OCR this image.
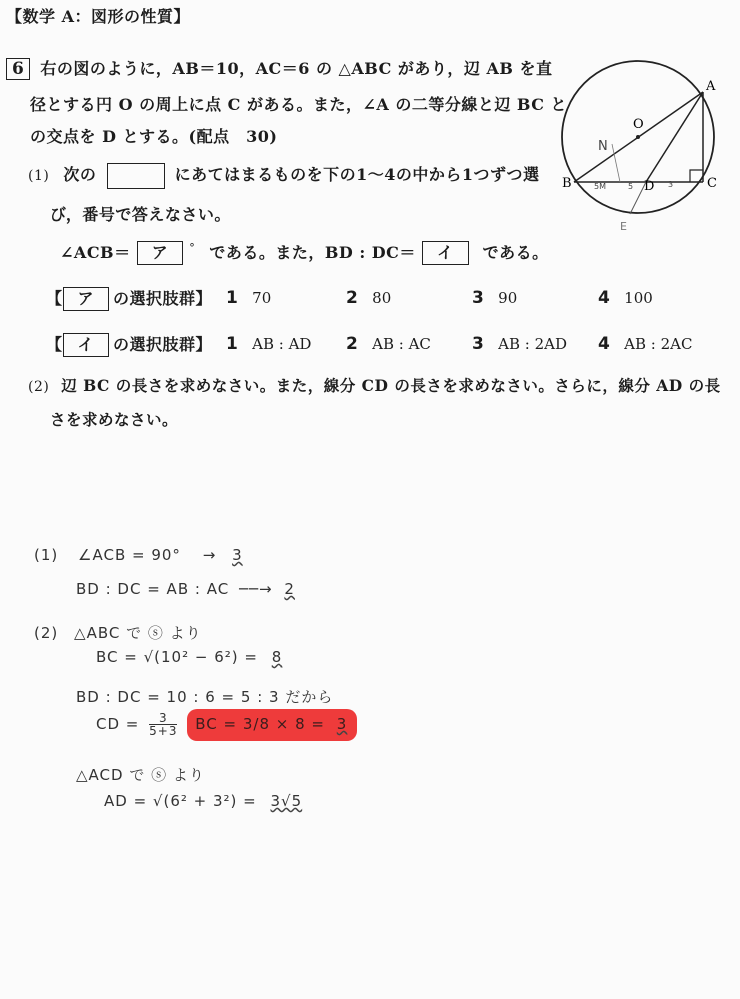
【数学 A：図形の性質】
6 右の図のように，AB＝10，AC＝6 の △ABC があり，辺 AB を直
径とする円 O の周上に点 C がある。また，∠A の二等分線と辺 BC と
の交点を D とする。(配点　30)
(1) 次の	にあてはまるものを下の1～4の中から1つずつ選
び，番号で答えなさい。
∠ACB＝ ア ° である。また，BD : DC＝ イ である。
【 ア の選択肢群】 1 70	2 80	3 90	4 100
【 イ の選択肢群】 1 AB : AD 2 AB : AC 3 AB : 2AD 4 AB : 2AC
(2) 辺 BC の長さを求めなさい。また，線分 CD の長さを求めなさい。さらに，線分 AD の長
さを求めなさい。
A
O
B	C
D
E
N
5M	5	3
(1) ∠ACB = 90° → 3
BD : DC = AB : AC ──→ 2
(2) △ABC で ⓢ より
BC = √(10² − 6²) = 8
BD : DC = 10 : 6 = 5 : 3 だから
CD = $\frac{3}{5+3}$ BC = 3/8 × 8 = 3
△ACD で ⓢ より
AD = √(6² + 3²) = 3√5
